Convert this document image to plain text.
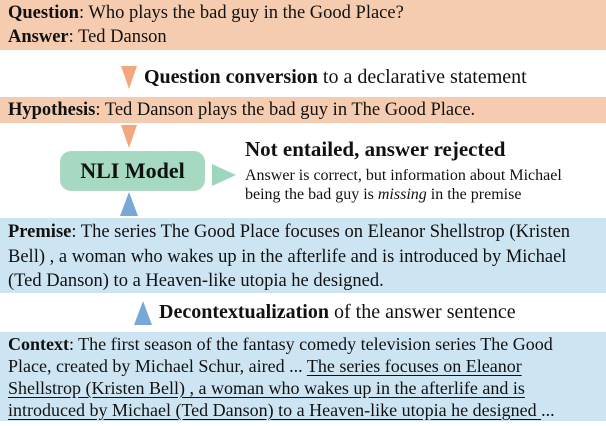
Question: Who plays the bad guy in the Good Place?
Answer: Ted Danson
Question conversion to a declarative statement
Hypothesis: Ted Danson plays the bad guy in The Good Place.
NLI Model
Not entailed, answer rejected
Answer is correct, but information about Michael
being the bad guy is missing in the premise
Premise: The series The Good Place focuses on Eleanor Shellstrop (Kristen Bell) , a woman who wakes up in the afterlife and is introduced by Michael (Ted Danson) to a Heaven-like utopia he designed.
Decontextualization of the answer sentence
Context: The first season of the fantasy comedy television series The Good Place, created by Michael Schur, aired ... The series focuses on Eleanor Shellstrop (Kristen Bell) , a woman who wakes up in the afterlife and is introduced by Michael (Ted Danson) to a Heaven-like utopia he designed ...
